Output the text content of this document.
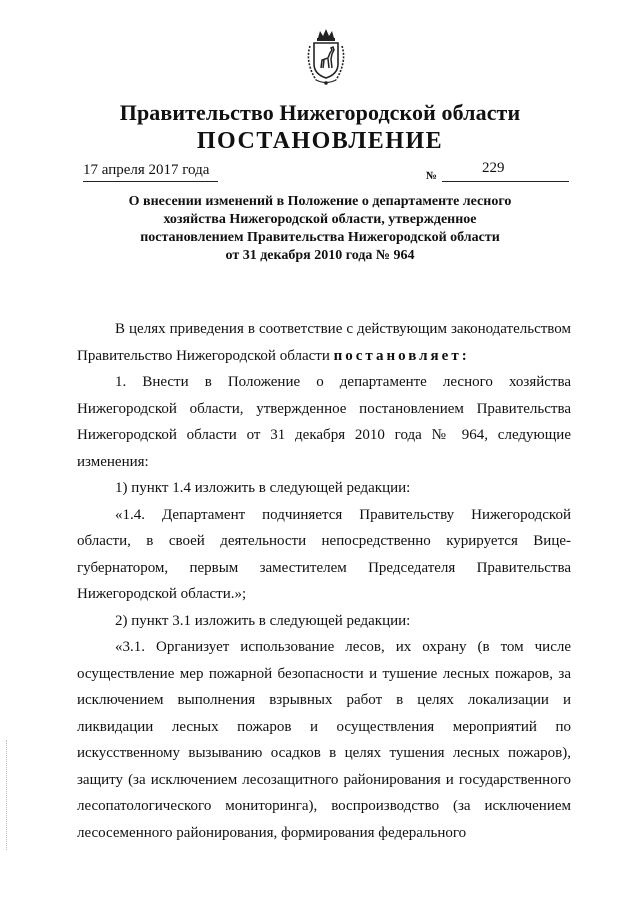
Правительство Нижегородской области
ПОСТАНОВЛЕНИЕ
17 апреля 2017 года	№	229
О внесении изменений в Положение о департаменте лесного
хозяйства Нижегородской области, утвержденное
постановлением Правительства Нижегородской области
от 31 декабря 2010 года № 964

В целях приведения в соответствие с действующим законодательством Правительство Нижегородской области постановляет:

1. Внести в Положение о департаменте лесного хозяйства Нижегородской области, утвержденное постановлением Правительства Нижегородской области от 31 декабря 2010 года № 964, следующие изменения:

1) пункт 1.4 изложить в следующей редакции:

«1.4. Департамент подчиняется Правительству Нижегородской области, в своей деятельности непосредственно курируется Вице-губернатором, первым заместителем Председателя Правительства Нижегородской области.»;

2) пункт 3.1 изложить в следующей редакции:

«3.1. Организует использование лесов, их охрану (в том числе осуществление мер пожарной безопасности и тушение лесных пожаров, за исключением выполнения взрывных работ в целях локализации и ликвидации лесных пожаров и осуществления мероприятий по искусственному вызыванию осадков в целях тушения лесных пожаров), защиту (за исключением лесозащитного районирования и государственного лесопатологического мониторинга), воспроизводство (за исключением лесосеменного районирования, формирования федерального
